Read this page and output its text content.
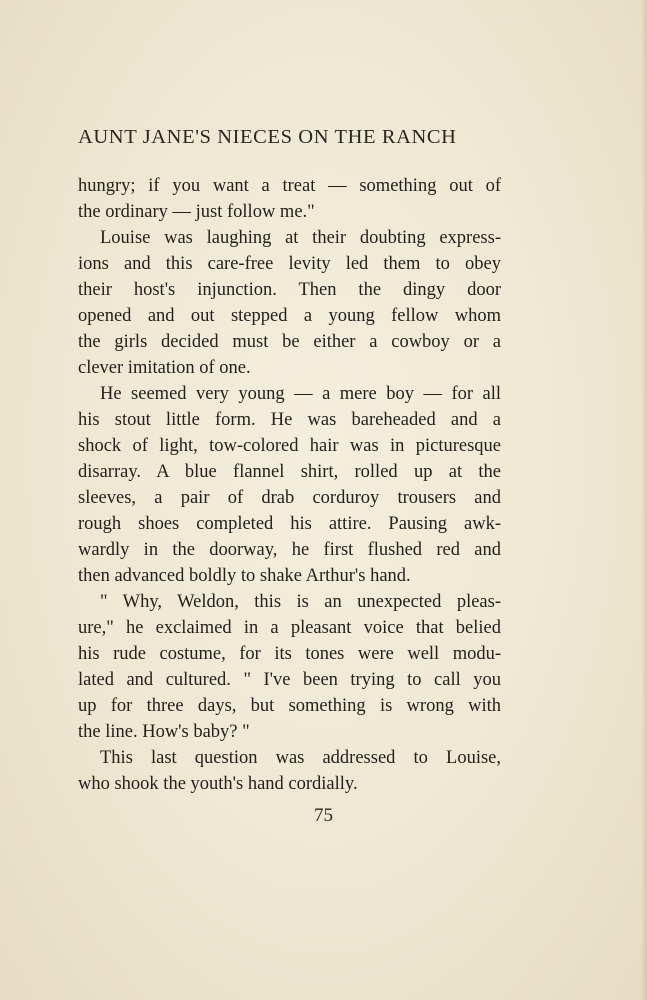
AUNT JANE'S NIECES ON THE RANCH
hungry; if you want a treat — something out of
the ordinary — just follow me."
Louise was laughing at their doubting express-
ions and this care-free levity led them to obey
their host's injunction. Then the dingy door
opened and out stepped a young fellow whom
the girls decided must be either a cowboy or a
clever imitation of one.
He seemed very young — a mere boy — for all
his stout little form. He was bareheaded and a
shock of light, tow-colored hair was in picturesque
disarray. A blue flannel shirt, rolled up at the
sleeves, a pair of drab corduroy trousers and
rough shoes completed his attire. Pausing awk-
wardly in the doorway, he first flushed red and
then advanced boldly to shake Arthur's hand.
" Why, Weldon, this is an unexpected pleas-
ure," he exclaimed in a pleasant voice that belied
his rude costume, for its tones were well modu-
lated and cultured. " I've been trying to call you
up for three days, but something is wrong with
the line. How's baby? "
This last question was addressed to Louise,
who shook the youth's hand cordially.
75
